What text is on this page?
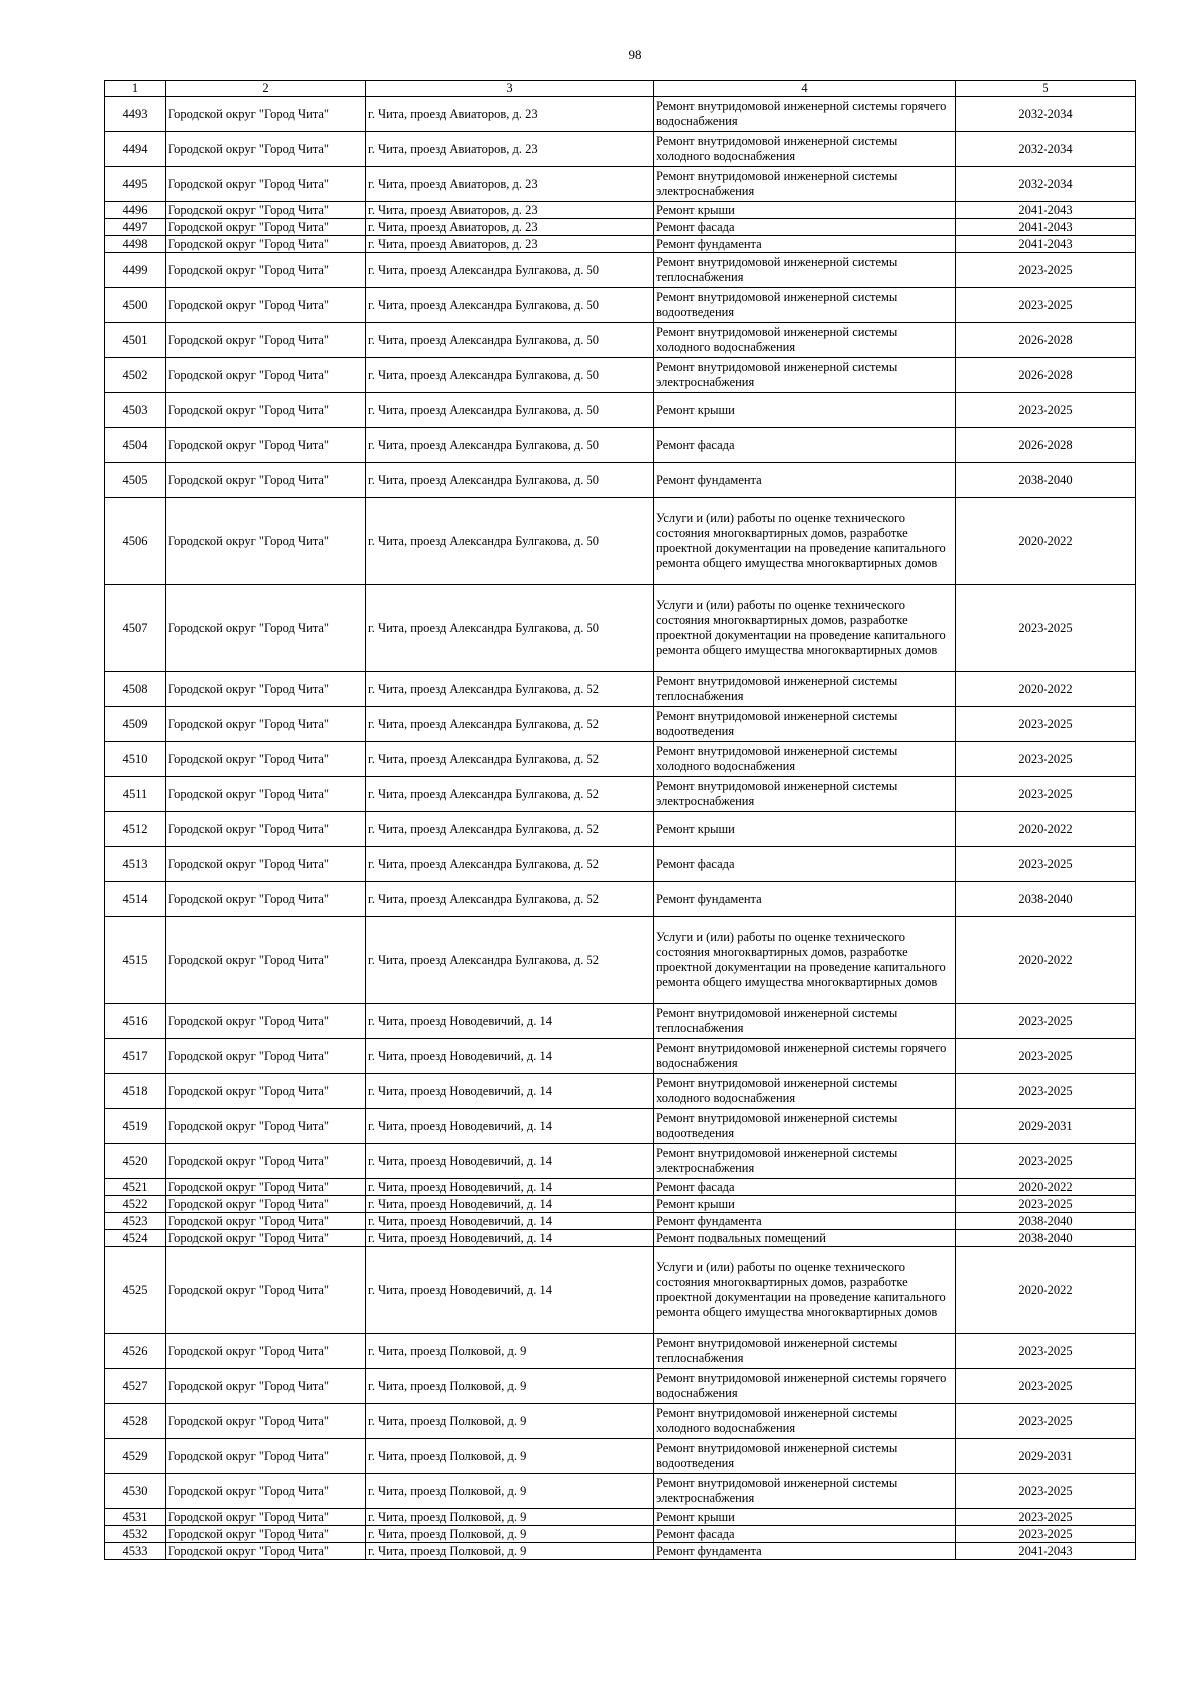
98
1	2	3	4	5
4493	Городской округ "Город Чита"	г. Чита, проезд Авиаторов, д. 23	Ремонт внутридомовой инженерной системы горячего водоснабжения	2032-2034
4494	Городской округ "Город Чита"	г. Чита, проезд Авиаторов, д. 23	Ремонт внутридомовой инженерной системы холодного водоснабжения	2032-2034
4495	Городской округ "Город Чита"	г. Чита, проезд Авиаторов, д. 23	Ремонт внутридомовой инженерной системы электроснабжения	2032-2034
4496	Городской округ "Город Чита"	г. Чита, проезд Авиаторов, д. 23	Ремонт крыши	2041-2043
4497	Городской округ "Город Чита"	г. Чита, проезд Авиаторов, д. 23	Ремонт фасада	2041-2043
4498	Городской округ "Город Чита"	г. Чита, проезд Авиаторов, д. 23	Ремонт фундамента	2041-2043
4499	Городской округ "Город Чита"	г. Чита, проезд Александра Булгакова, д. 50	Ремонт внутридомовой инженерной системы теплоснабжения	2023-2025
4500	Городской округ "Город Чита"	г. Чита, проезд Александра Булгакова, д. 50	Ремонт внутридомовой инженерной системы водоотведения	2023-2025
4501	Городской округ "Город Чита"	г. Чита, проезд Александра Булгакова, д. 50	Ремонт внутридомовой инженерной системы холодного водоснабжения	2026-2028
4502	Городской округ "Город Чита"	г. Чита, проезд Александра Булгакова, д. 50	Ремонт внутридомовой инженерной системы электроснабжения	2026-2028
4503	Городской округ "Город Чита"	г. Чита, проезд Александра Булгакова, д. 50	Ремонт крыши	2023-2025
4504	Городской округ "Город Чита"	г. Чита, проезд Александра Булгакова, д. 50	Ремонт фасада	2026-2028
4505	Городской округ "Город Чита"	г. Чита, проезд Александра Булгакова, д. 50	Ремонт фундамента	2038-2040
4506	Городской округ "Город Чита"	г. Чита, проезд Александра Булгакова, д. 50	Услуги и (или) работы по оценке технического состояния многоквартирных домов, разработке проектной документации на проведение капитального ремонта общего имущества многоквартирных домов	2020-2022
4507	Городской округ "Город Чита"	г. Чита, проезд Александра Булгакова, д. 50	Услуги и (или) работы по оценке технического состояния многоквартирных домов, разработке проектной документации на проведение капитального ремонта общего имущества многоквартирных домов	2023-2025
4508	Городской округ "Город Чита"	г. Чита, проезд Александра Булгакова, д. 52	Ремонт внутридомовой инженерной системы теплоснабжения	2020-2022
4509	Городской округ "Город Чита"	г. Чита, проезд Александра Булгакова, д. 52	Ремонт внутридомовой инженерной системы водоотведения	2023-2025
4510	Городской округ "Город Чита"	г. Чита, проезд Александра Булгакова, д. 52	Ремонт внутридомовой инженерной системы холодного водоснабжения	2023-2025
4511	Городской округ "Город Чита"	г. Чита, проезд Александра Булгакова, д. 52	Ремонт внутридомовой инженерной системы электроснабжения	2023-2025
4512	Городской округ "Город Чита"	г. Чита, проезд Александра Булгакова, д. 52	Ремонт крыши	2020-2022
4513	Городской округ "Город Чита"	г. Чита, проезд Александра Булгакова, д. 52	Ремонт фасада	2023-2025
4514	Городской округ "Город Чита"	г. Чита, проезд Александра Булгакова, д. 52	Ремонт фундамента	2038-2040
4515	Городской округ "Город Чита"	г. Чита, проезд Александра Булгакова, д. 52	Услуги и (или) работы по оценке технического состояния многоквартирных домов, разработке проектной документации на проведение капитального ремонта общего имущества многоквартирных домов	2020-2022
4516	Городской округ "Город Чита"	г. Чита, проезд Новодевичий, д. 14	Ремонт внутридомовой инженерной системы теплоснабжения	2023-2025
4517	Городской округ "Город Чита"	г. Чита, проезд Новодевичий, д. 14	Ремонт внутридомовой инженерной системы горячего водоснабжения	2023-2025
4518	Городской округ "Город Чита"	г. Чита, проезд Новодевичий, д. 14	Ремонт внутридомовой инженерной системы холодного водоснабжения	2023-2025
4519	Городской округ "Город Чита"	г. Чита, проезд Новодевичий, д. 14	Ремонт внутридомовой инженерной системы водоотведения	2029-2031
4520	Городской округ "Город Чита"	г. Чита, проезд Новодевичий, д. 14	Ремонт внутридомовой инженерной системы электроснабжения	2023-2025
4521	Городской округ "Город Чита"	г. Чита, проезд Новодевичий, д. 14	Ремонт фасада	2020-2022
4522	Городской округ "Город Чита"	г. Чита, проезд Новодевичий, д. 14	Ремонт крыши	2023-2025
4523	Городской округ "Город Чита"	г. Чита, проезд Новодевичий, д. 14	Ремонт фундамента	2038-2040
4524	Городской округ "Город Чита"	г. Чита, проезд Новодевичий, д. 14	Ремонт подвальных помещений	2038-2040
4525	Городской округ "Город Чита"	г. Чита, проезд Новодевичий, д. 14	Услуги и (или) работы по оценке технического состояния многоквартирных домов, разработке проектной документации на проведение капитального ремонта общего имущества многоквартирных домов	2020-2022
4526	Городской округ "Город Чита"	г. Чита, проезд Полковой, д. 9	Ремонт внутридомовой инженерной системы теплоснабжения	2023-2025
4527	Городской округ "Город Чита"	г. Чита, проезд Полковой, д. 9	Ремонт внутридомовой инженерной системы горячего водоснабжения	2023-2025
4528	Городской округ "Город Чита"	г. Чита, проезд Полковой, д. 9	Ремонт внутридомовой инженерной системы холодного водоснабжения	2023-2025
4529	Городской округ "Город Чита"	г. Чита, проезд Полковой, д. 9	Ремонт внутридомовой инженерной системы водоотведения	2029-2031
4530	Городской округ "Город Чита"	г. Чита, проезд Полковой, д. 9	Ремонт внутридомовой инженерной системы электроснабжения	2023-2025
4531	Городской округ "Город Чита"	г. Чита, проезд Полковой, д. 9	Ремонт крыши	2023-2025
4532	Городской округ "Город Чита"	г. Чита, проезд Полковой, д. 9	Ремонт фасада	2023-2025
4533	Городской округ "Город Чита"	г. Чита, проезд Полковой, д. 9	Ремонт фундамента	2041-2043
